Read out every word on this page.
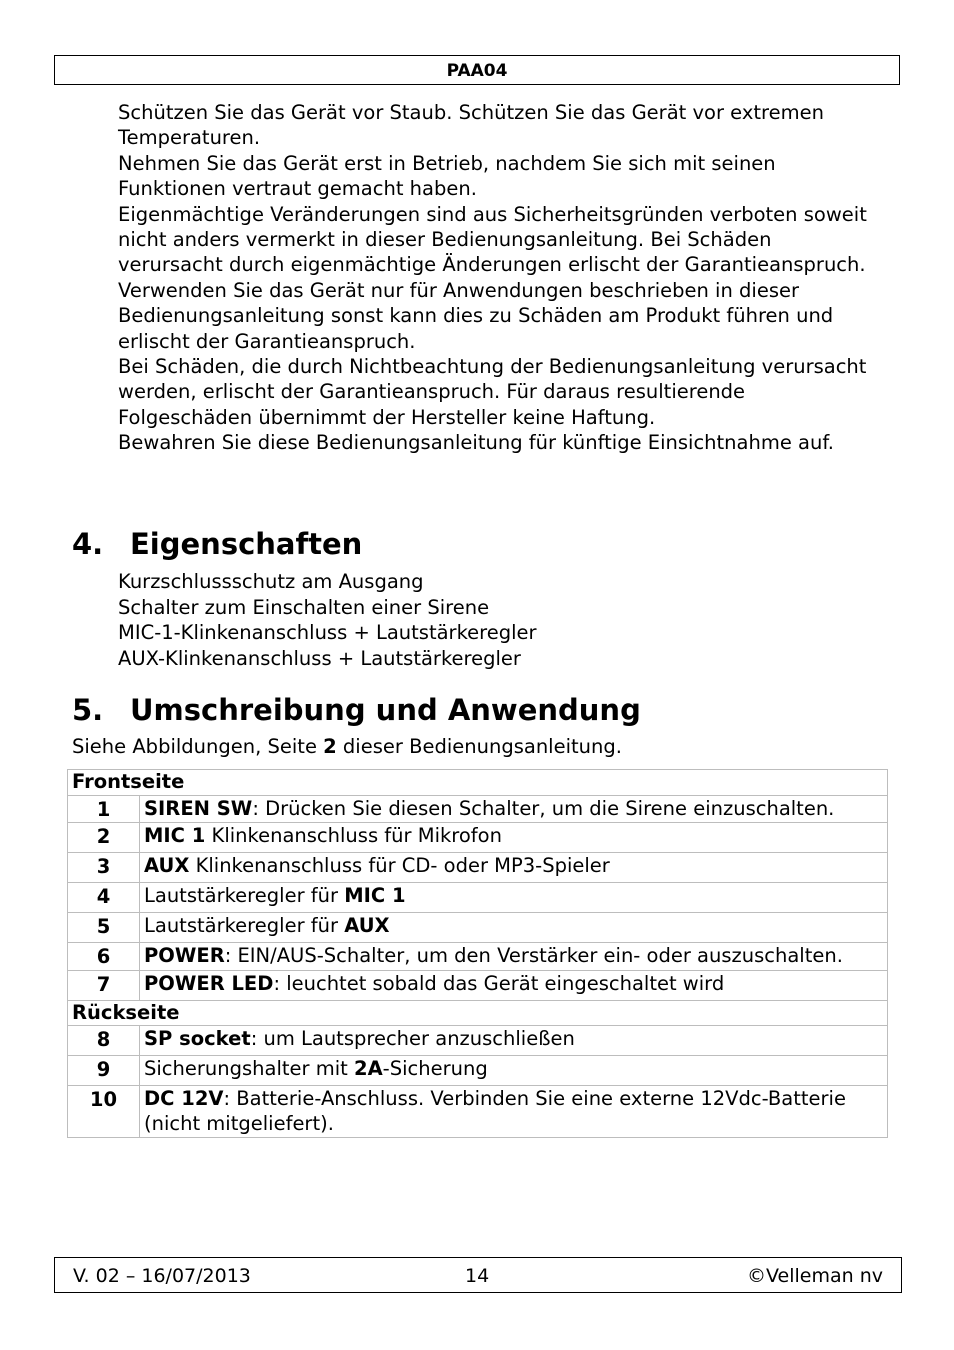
PAA04

Schützen Sie das Gerät vor Staub. Schützen Sie das Gerät vor extremen Temperaturen.

Nehmen Sie das Gerät erst in Betrieb, nachdem Sie sich mit seinen Funktionen vertraut gemacht haben.

Eigenmächtige Veränderungen sind aus Sicherheitsgründen verboten soweit nicht anders vermerkt in dieser Bedienungsanleitung. Bei Schäden verursacht durch eigenmächtige Änderungen erlischt der Garantieanspruch.

Verwenden Sie das Gerät nur für Anwendungen beschrieben in dieser Bedienungsanleitung sonst kann dies zu Schäden am Produkt führen und erlischt der Garantieanspruch.

Bei Schäden, die durch Nichtbeachtung der Bedienungsanleitung verursacht werden, erlischt der Garantieanspruch. Für daraus resultierende Folgeschäden übernimmt der Hersteller keine Haftung.

Bewahren Sie diese Bedienungsanleitung für künftige Einsichtnahme auf.

4. Eigenschaften
Kurzschlussschutz am Ausgang
Schalter zum Einschalten einer Sirene
MIC-1-Klinkenanschluss + Lautstärkeregler
AUX-Klinkenanschluss + Lautstärkeregler
5. Umschreibung und Anwendung
Siehe Abbildungen, Seite 2 dieser Bedienungsanleitung.
Frontseite	
1	SIREN SW: Drücken Sie diesen Schalter, um die Sirene einzuschalten.
2	MIC 1 Klinkenanschluss für Mikrofon
3	AUX Klinkenanschluss für CD- oder MP3-Spieler
4	Lautstärkeregler für MIC 1
5	Lautstärkeregler für AUX
6	POWER: EIN/AUS-Schalter, um den Verstärker ein- oder auszuschalten.
7	POWER LED: leuchtet sobald das Gerät eingeschaltet wird
Rückseite	
8	SP socket: um Lautsprecher anzuschließen
9	Sicherungshalter mit 2A-Sicherung
10	DC 12V: Batterie-Anschluss. Verbinden Sie eine externe 12Vdc-Batterie (nicht mitgeliefert).
V. 02 – 16/07/2013	14	©Velleman nv
